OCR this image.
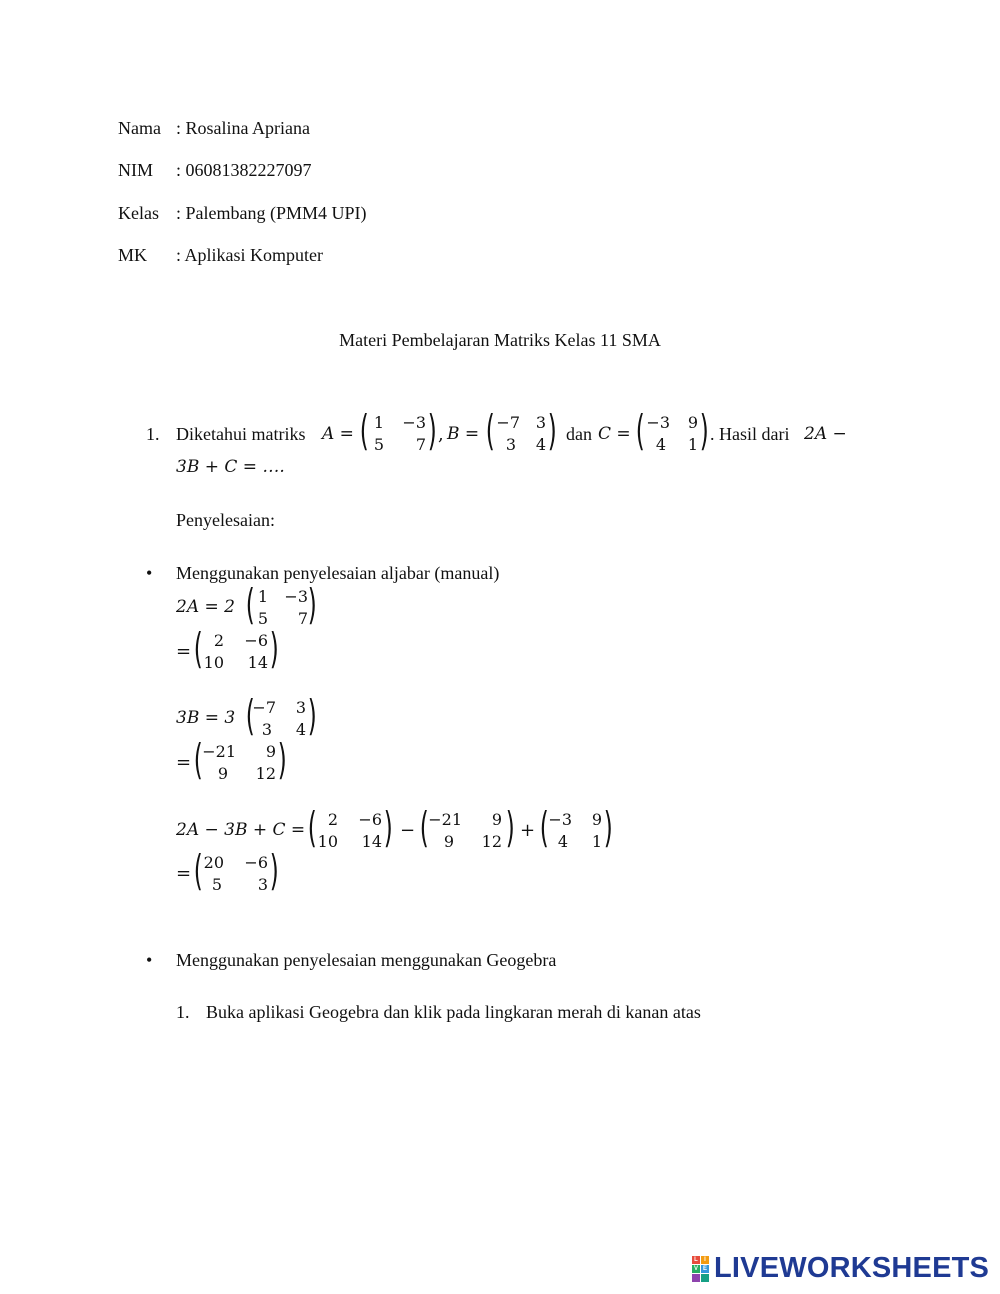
Nama : Rosalina Apriana
NIM : 06081382227097
Kelas : Palembang (PMM4 UPI)
MK : Aplikasi Komputer
Materi Pembelajaran Matriks Kelas 11 SMA
1. Diketahui matriks A = ( 1 −3
5	7 ) , B = ( −7 3
3	4 ) dan C = ( −3 9
4 1 ) . Hasil dari 2A −
3B + C = ….
Penyelesaian:
• Menggunakan penyelesaian aljabar (manual)
2A = 2 ( 1 −3
5	7 )
= ( 2	−6
10	14 )
3B = 3 (
−7	3
3	4 )
= ( −21	9
9 12 )
2A − 3B + C = ( 2	−6
10	14 ) − ( −21	9
9 12 ) + ( −3 9
4 1 )
= ( 20	−6
5	3 )
• Menggunakan penyelesaian menggunakan Geogebra
1. Buka aplikasi Geogebra dan klik pada lingkaran merah di kanan atas
L	I
V E LIVEWORKSHEETS
